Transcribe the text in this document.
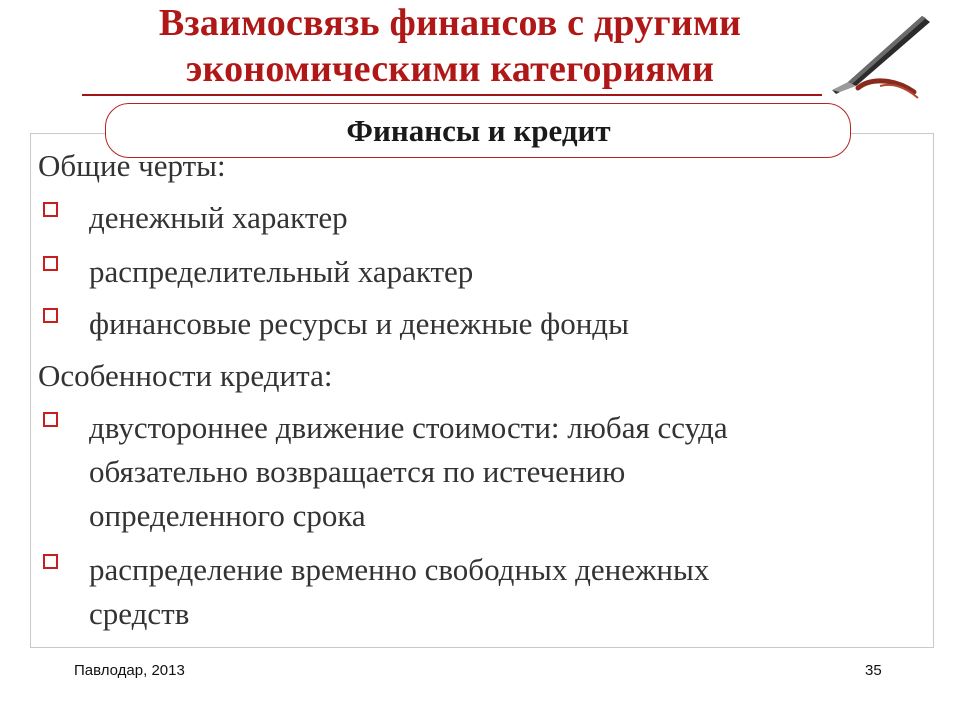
Взаимосвязь финансов с другими
экономическими категориями
Финансы и кредит

Общие черты:

денежный характер

распределительный характер

финансовые ресурсы и денежные фонды

Особенности кредита:

двустороннее движение стоимости: любая ссуда

обязательно возвращается по истечению

определенного срока

распределение временно свободных денежных

средств

Павлодар, 2013	35
